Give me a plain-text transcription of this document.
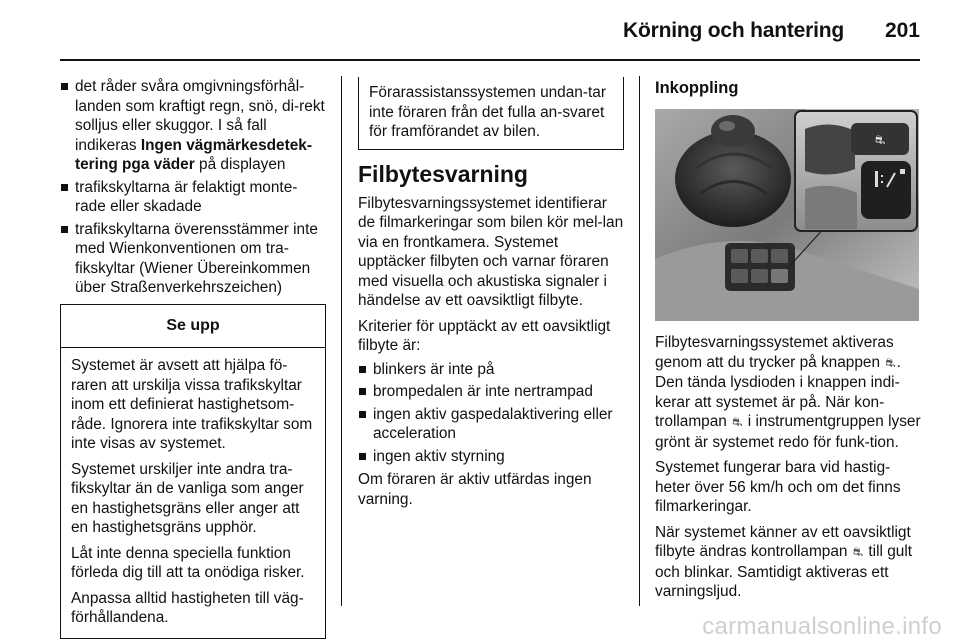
Körning och hantering	201
det råder svåra omgivningsförhål-landen som kraftigt regn, snö, di-rekt solljus eller skuggor. I så fall indikeras Ingen vägmärkesdetek-tering pga väder på displayen
trafikskyltarna är felaktigt monte-rade eller skadade
trafikskyltarna överensstämmer inte med Wienkonventionen om tra-fikskyltar (Wiener Übereinkommen über Straßenverkehrszeichen)
Se upp

Systemet är avsett att hjälpa fö-raren att urskilja vissa trafikskyltar inom ett definierat hastighetsom-råde. Ignorera inte trafikskyltar som inte visas av systemet.

Systemet urskiljer inte andra tra-fikskyltar än de vanliga som anger en hastighetsgräns eller anger att en hastighetsgräns upphör.

Låt inte denna speciella funktion förleda dig till att ta onödiga risker.

Anpassa alltid hastigheten till väg-förhållandena.

Förarassistanssystemen undan-tar inte föraren från det fulla an-svaret för framförandet av bilen.
Filbytesvarning

Filbytesvarningssystemet identifierar de filmarkeringar som bilen kör mel-lan via en frontkamera. Systemet upptäcker filbyten och varnar föraren med visuella och akustiska signaler i händelse av ett oavsiktligt filbyte.

Kriterier för upptäckt av ett oavsiktligt filbyte är:

blinkers är inte på
brompedalen är inte nertrampad
ingen aktiv gaspedalaktivering eller acceleration
ingen aktiv styrning

Om föraren är aktiv utfärdas ingen varning.

Inkoppling
⛐

Filbytesvarningssystemet aktiveras genom att du trycker på knappen ⛐. Den tända lysdioden i knappen indi-kerar att systemet är på. När kon-trollampan ⛐ i instrumentgruppen lyser grönt är systemet redo för funk-tion.

Systemet fungerar bara vid hastig-heter över 56 km/h och om det finns filmarkeringar.

När systemet känner av ett oavsiktligt filbyte ändras kontrollampan ⛐ till gult och blinkar. Samtidigt aktiveras ett varningsljud.

carmanualsonline.info
